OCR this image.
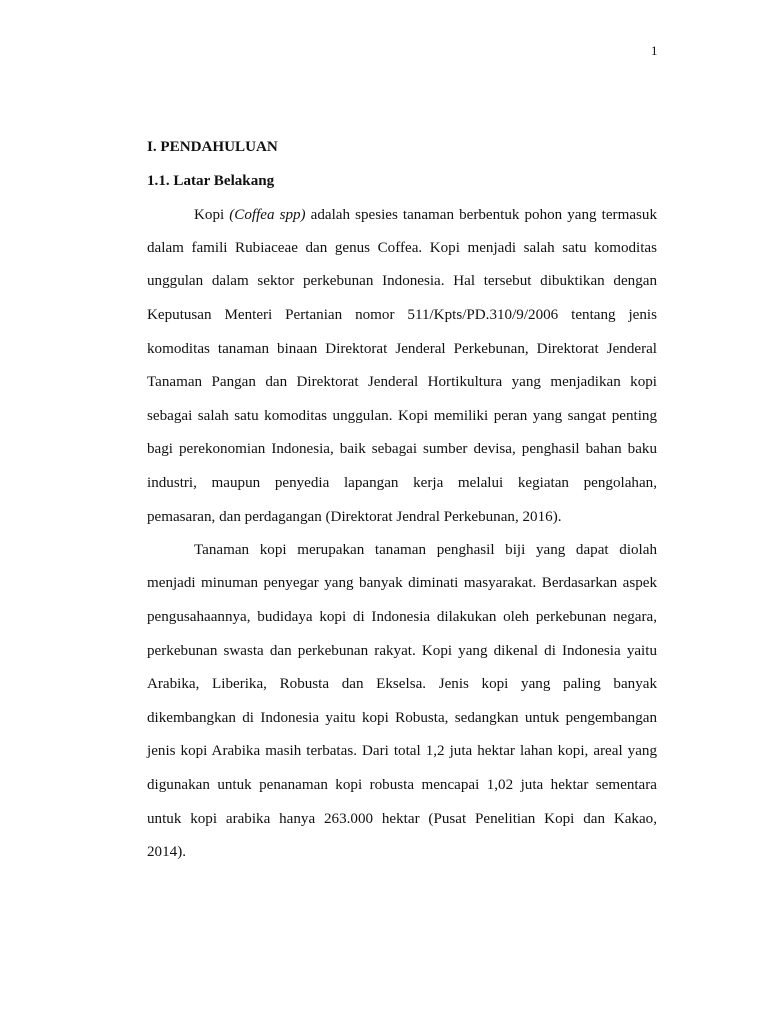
1
I. PENDAHULUAN
1.1. Latar Belakang
Kopi (Coffea spp) adalah spesies tanaman berbentuk pohon yang termasuk
dalam famili Rubiaceae dan genus Coffea. Kopi menjadi salah satu komoditas
unggulan dalam sektor perkebunan Indonesia. Hal tersebut dibuktikan dengan
Keputusan Menteri Pertanian nomor 511/Kpts/PD.310/9/2006 tentang jenis
komoditas tanaman binaan Direktorat Jenderal Perkebunan, Direktorat Jenderal
Tanaman Pangan dan Direktorat Jenderal Hortikultura yang menjadikan kopi
sebagai salah satu komoditas unggulan. Kopi memiliki peran yang sangat penting
bagi perekonomian Indonesia, baik sebagai sumber devisa, penghasil bahan baku
industri, maupun penyedia lapangan kerja melalui kegiatan pengolahan,
pemasaran, dan perdagangan (Direktorat Jendral Perkebunan, 2016).
Tanaman kopi merupakan tanaman penghasil biji yang dapat diolah
menjadi minuman penyegar yang banyak diminati masyarakat. Berdasarkan aspek
pengusahaannya, budidaya kopi di Indonesia dilakukan oleh perkebunan negara,
perkebunan swasta dan perkebunan rakyat. Kopi yang dikenal di Indonesia yaitu
Arabika, Liberika, Robusta dan Ekselsa. Jenis kopi yang paling banyak
dikembangkan di Indonesia yaitu kopi Robusta, sedangkan untuk pengembangan
jenis kopi Arabika masih terbatas. Dari total 1,2 juta hektar lahan kopi, areal yang
digunakan untuk penanaman kopi robusta mencapai 1,02 juta hektar sementara
untuk kopi arabika hanya 263.000 hektar (Pusat Penelitian Kopi dan Kakao,
2014).
